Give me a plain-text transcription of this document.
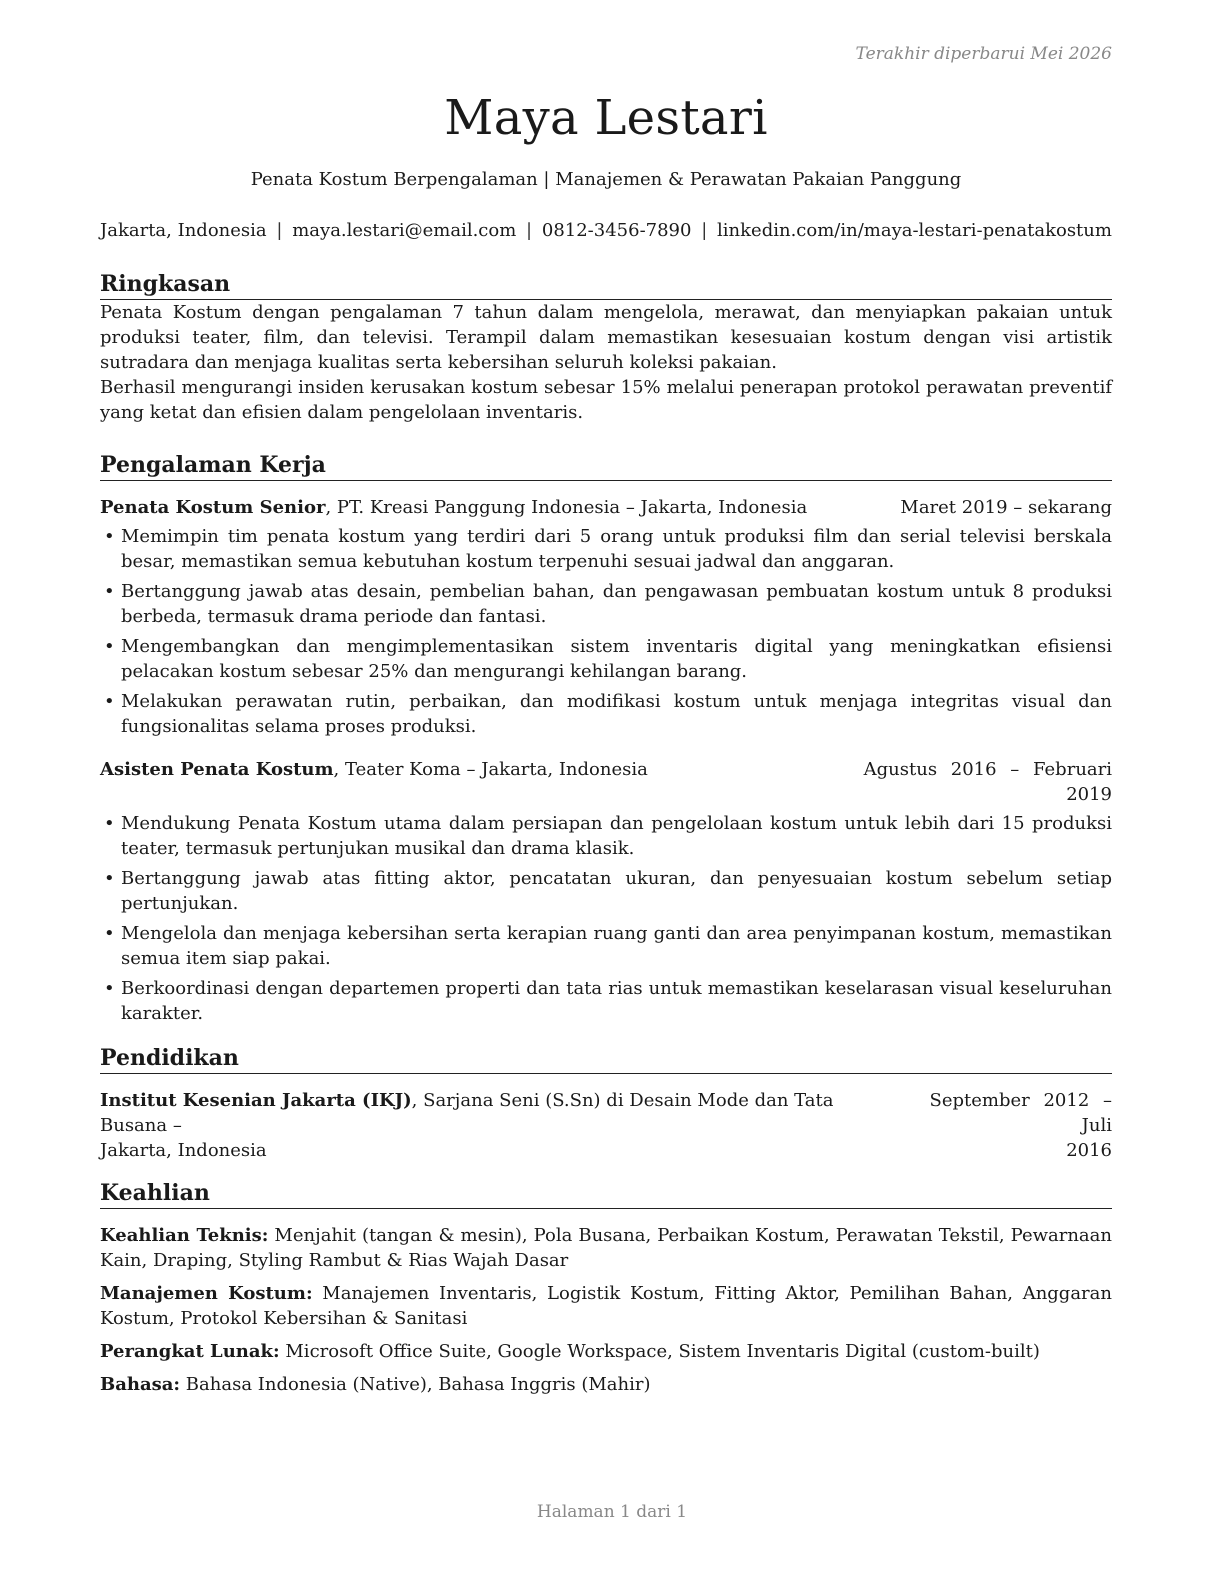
Terakhir diperbarui Mei 2026
Maya Lestari
Penata Kostum Berpengalaman | Manajemen & Perawatan Pakaian Panggung
Jakarta, Indonesia | maya.lestari@email.com | 0812-3456-7890 | linkedin.com/in/maya-lestari-penatakostum
Ringkasan

Penata Kostum dengan pengalaman 7 tahun dalam mengelola, merawat, dan menyiapkan pakaian untuk produksi teater, film, dan televisi. Terampil dalam memastikan kesesuaian kostum dengan visi artistik sutradara dan menjaga kualitas serta kebersihan seluruh koleksi pakaian.

Berhasil mengurangi insiden kerusakan kostum sebesar 15% melalui penerapan protokol perawatan preventif yang ketat dan efisien dalam pengelolaan inventaris.

Pengalaman Kerja
Penata Kostum Senior, PT. Kreasi Panggung Indonesia – Jakarta, Indonesia	Maret 2019 – sekarang
• Memimpin tim penata kostum yang terdiri dari 5 orang untuk produksi film dan serial televisi berskala besar, memastikan semua kebutuhan kostum terpenuhi sesuai jadwal dan anggaran.
• Bertanggung jawab atas desain, pembelian bahan, dan pengawasan pembuatan kostum untuk 8 produksi berbeda, termasuk drama periode dan fantasi.
• Mengembangkan dan mengimplementasikan sistem inventaris digital yang meningkatkan efisiensi pelacakan kostum sebesar 25% dan mengurangi kehilangan barang.
• Melakukan perawatan rutin, perbaikan, dan modifikasi kostum untuk menjaga integritas visual dan fungsionalitas selama proses produksi.
Asisten Penata Kostum, Teater Koma – Jakarta, Indonesia	Agustus 2016 – Februari
2019
• Mendukung Penata Kostum utama dalam persiapan dan pengelolaan kostum untuk lebih dari 15 produksi teater, termasuk pertunjukan musikal dan drama klasik.
• Bertanggung jawab atas fitting aktor, pencatatan ukuran, dan penyesuaian kostum sebelum setiap pertunjukan.
• Mengelola dan menjaga kebersihan serta kerapian ruang ganti dan area penyimpanan kostum, memastikan semua item siap pakai.
• Berkoordinasi dengan departemen properti dan tata rias untuk memastikan keselarasan visual keseluruhan karakter.
Pendidikan
Institut Kesenian Jakarta (IKJ), Sarjana Seni (S.Sn) di Desain Mode dan Tata Busana –
Jakarta, Indonesia
September 2012 – Juli
2016
Keahlian
Keahlian Teknis: Menjahit (tangan & mesin), Pola Busana, Perbaikan Kostum, Perawatan Tekstil, Pewarnaan Kain, Draping, Styling Rambut & Rias Wajah Dasar
Manajemen Kostum: Manajemen Inventaris, Logistik Kostum, Fitting Aktor, Pemilihan Bahan, Anggaran Kostum, Protokol Kebersihan & Sanitasi
Perangkat Lunak: Microsoft Office Suite, Google Workspace, Sistem Inventaris Digital (custom-built)
Bahasa: Bahasa Indonesia (Native), Bahasa Inggris (Mahir)
Halaman 1 dari 1
